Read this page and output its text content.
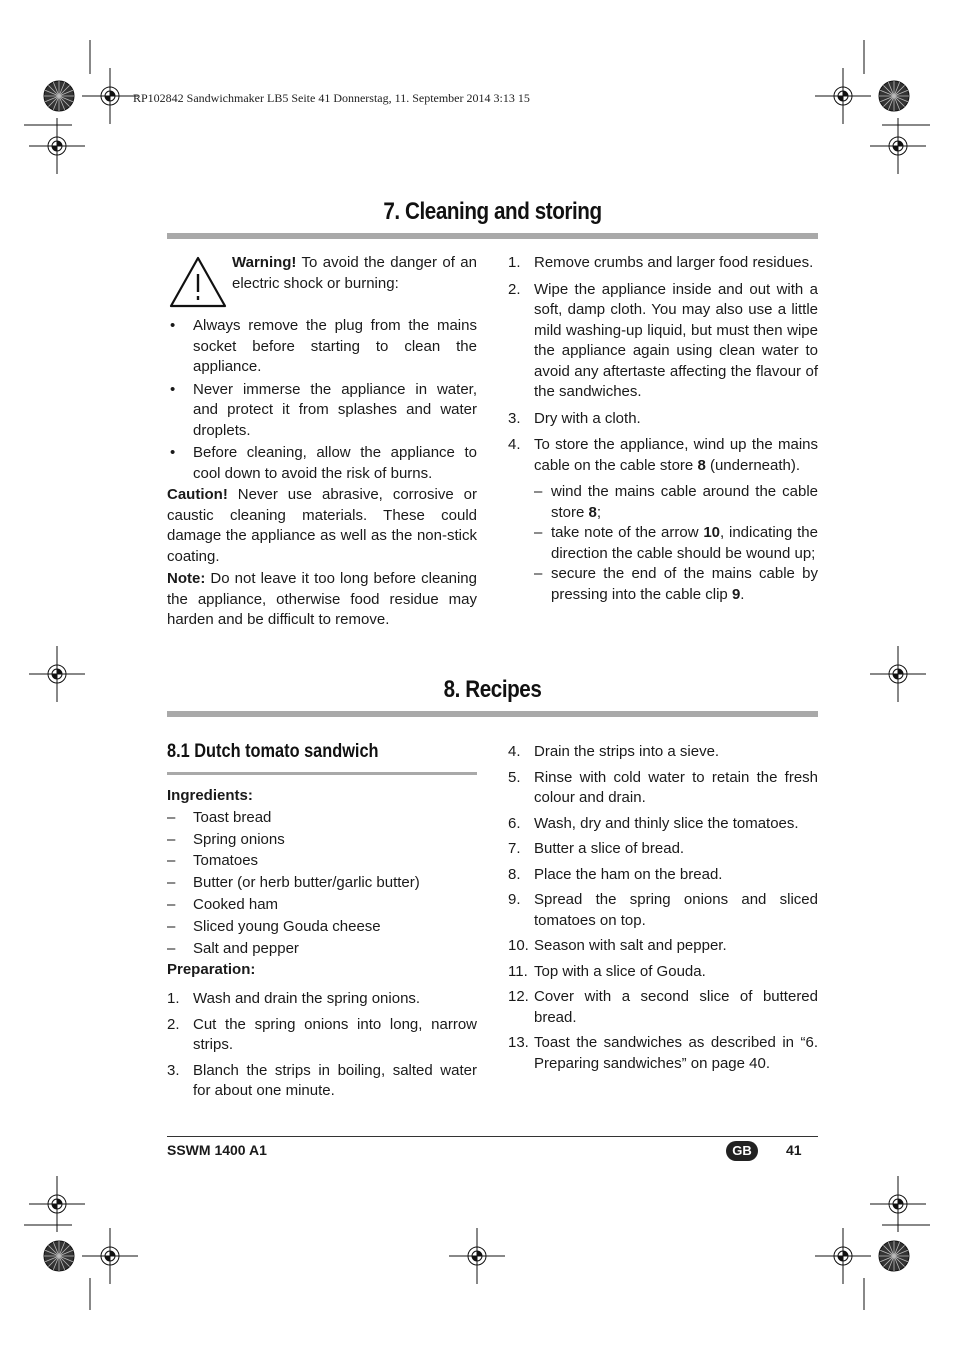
RP102842 Sandwichmaker LB5 Seite 41 Donnerstag, 11. September 2014 3:13 15
7. Cleaning and storing

Warning! To avoid the danger of an electric shock or burning:

• Always remove the plug from the mains socket before starting to clean the appliance.

• Never immerse the appliance in water, and protect it from splashes and water droplets.

• Before cleaning, allow the appliance to cool down to avoid the risk of burns.

Caution! Never use abrasive, corrosive or caustic cleaning materials. These could damage the appliance as well as the non-stick coating.

Note: Do not leave it too long before cleaning the appliance, otherwise food residue may harden and be difficult to remove.

1. Remove crumbs and larger food residues.

2. Wipe the appliance inside and out with a soft, damp cloth. You may also use a little mild washing-up liquid, but must then wipe the appliance again using clean water to avoid any aftertaste affecting the flavour of the sandwiches.

3. Dry with a cloth.

4. To store the appliance, wind up the mains cable on the cable store 8 (underneath).

– wind the mains cable around the cable store 8;

– take note of the arrow 10, indicating the direction the cable should be wound up;

– secure the end of the mains cable by pressing into the cable clip 9.

8. Recipes
8.1 Dutch tomato sandwich

Ingredients:

– Toast bread

– Spring onions

– Tomatoes

– Butter (or herb butter/garlic butter)

– Cooked ham

– Sliced young Gouda cheese

– Salt and pepper

Preparation:

1. Wash and drain the spring onions.

2. Cut the spring onions into long, narrow strips.

3. Blanch the strips in boiling, salted water for about one minute.

4. Drain the strips into a sieve.

5. Rinse with cold water to retain the fresh colour and drain.

6. Wash, dry and thinly slice the tomatoes.

7. Butter a slice of bread.

8. Place the ham on the bread.

9. Spread the spring onions and sliced tomatoes on top.

10. Season with salt and pepper.

11. Top with a slice of Gouda.

12. Cover with a second slice of buttered bread.

13. Toast the sandwiches as described in “6. Preparing sandwiches” on page 40.

SSWM 1400 A1	GB	41
